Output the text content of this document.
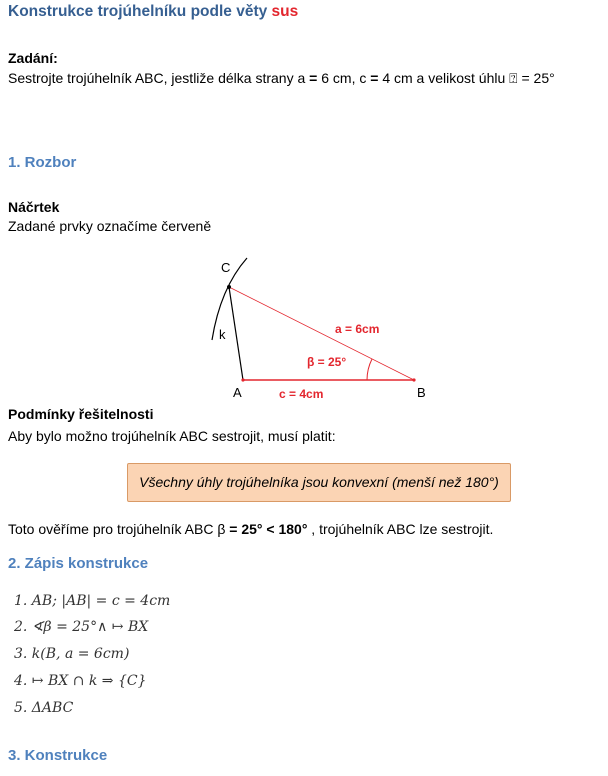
Konstrukce trojúhelníku podle věty sus
Zadání:
Sestrojte trojúhelník ABC, jestliže délka strany a = 6 cm, c = 4 cm a velikost úhlu ⍰ = 25°
1. Rozbor
Náčrtek
Zadané prvky označíme červeně
C
A	B
k	a = 6cm
c = 4cm
β = 25°
Podmínky řešitelnosti
Aby bylo možno trojúhelník ABC sestrojit, musí platit:
Všechny úhly trojúhelníka jsou konvexní (menší než 180°)
Toto ověříme pro trojúhelník ABC β = 25° < 180° , trojúhelník ABC lze sestrojit.
2. Zápis konstrukce
1. AB; |AB| = c = 4cm
2. ∢β = 25°∧ ↦ BX
3. k(B, a = 6cm)
4. ↦ BX ∩ k ⇒ {C}
5. ΔABC
3. Konstrukce
